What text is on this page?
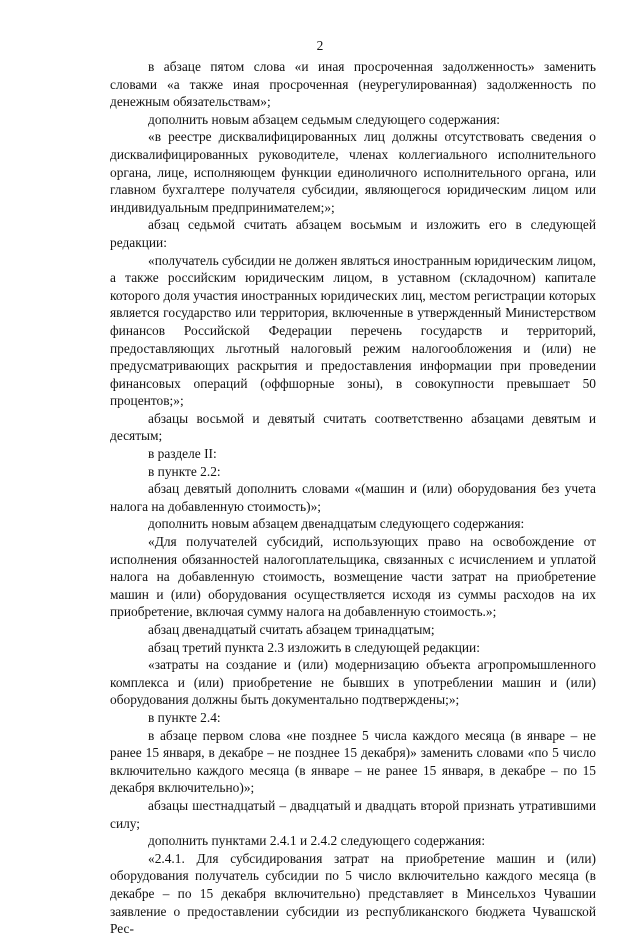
2

в абзаце пятом слова «и иная просроченная задолженность» заменить словами «а также иная просроченная (неурегулированная) задолженность по денежным обязательствам»;

дополнить новым абзацем седьмым следующего содержания:

«в реестре дисквалифицированных лиц должны отсутствовать сведения о дисквалифицированных руководителе, членах коллегиального исполнительного органа, лице, исполняющем функции единоличного исполнительного органа, или главном бухгалтере получателя субсидии, являющегося юридическим лицом или индивидуальным предпринимателем;»;

абзац седьмой считать абзацем восьмым и изложить его в следующей редакции:

«получатель субсидии не должен являться иностранным юридическим лицом, а также российским юридическим лицом, в уставном (складочном) капитале которого доля участия иностранных юридических лиц, местом регистрации которых является государство или территория, включенные в утвержденный Министерством финансов Российской Федерации перечень государств и территорий, предоставляющих льготный налоговый режим налогообложения и (или) не предусматривающих раскрытия и предоставления информации при проведении финансовых операций (оффшорные зоны), в совокупности превышает 50 процентов;»;

абзацы восьмой и девятый считать соответственно абзацами девятым и десятым;

в разделе II:

в пункте 2.2:

абзац девятый дополнить словами «(машин и (или) оборудования без учета налога на добавленную стоимость)»;

дополнить новым абзацем двенадцатым следующего содержания:

«Для получателей субсидий, использующих право на освобождение от исполнения обязанностей налогоплательщика, связанных с исчислением и уплатой налога на добавленную стоимость, возмещение части затрат на приобретение машин и (или) оборудования осуществляется исходя из суммы расходов на их приобретение, включая сумму налога на добавленную стоимость.»;

абзац двенадцатый считать абзацем тринадцатым;

абзац третий пункта 2.3 изложить в следующей редакции:

«затраты на создание и (или) модернизацию объекта агропромышленного комплекса и (или) приобретение не бывших в употреблении машин и (или) оборудования должны быть документально подтверждены;»;

в пункте 2.4:

в абзаце первом слова «не позднее 5 числа каждого месяца (в январе – не ранее 15 января, в декабре – не позднее 15 декабря)» заменить словами «по 5 число включительно каждого месяца (в январе – не ранее 15 января, в декабре – по 15 декабря включительно)»;

абзацы шестнадцатый – двадцатый и двадцать второй признать утратившими силу;

дополнить пунктами 2.4.1 и 2.4.2 следующего содержания:

«2.4.1. Для субсидирования затрат на приобретение машин и (или) оборудования получатель субсидии по 5 число включительно каждого месяца (в декабре – по 15 декабря включительно) представляет в Минсельхоз Чувашии заявление о предоставлении субсидии из республиканского бюджета Чувашской Рес-
